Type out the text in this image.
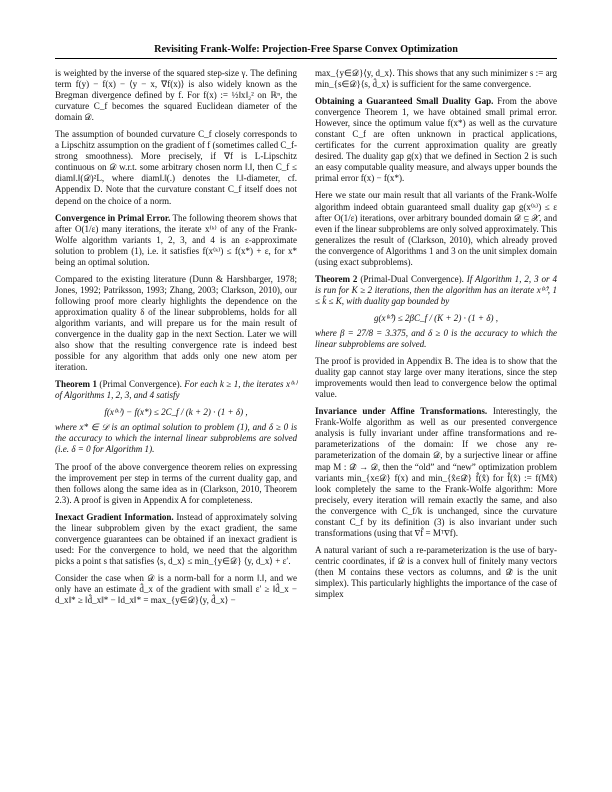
Revisiting Frank-Wolfe: Projection-Free Sparse Convex Optimization

is weighted by the inverse of the squared step-size γ. The defining term f(y) − f(x) − ⟨y − x, ∇f(x)⟩ is also widely known as the Bregman divergence defined by f. For f(x) := ½‖x‖₂² on ℝⁿ, the curvature C_f becomes the squared Euclidean diameter of the domain 𝒟.

The assumption of bounded curvature C_f closely corresponds to a Lipschitz assumption on the gradient of f (sometimes called C_f-strong smoothness). More precisely, if ∇f is L-Lipschitz continuous on 𝒟 w.r.t. some arbitrary chosen norm ‖.‖, then C_f ≤ diam‖.‖(𝒟)²L, where diam‖.‖(.) denotes the ‖.‖-diameter, cf. Appendix D. Note that the curvature constant C_f itself does not depend on the choice of a norm.

Convergence in Primal Error. The following theorem shows that after O(1/ε) many iterations, the iterate x⁽ᵏ⁾ of any of the Frank-Wolfe algorithm variants 1, 2, 3, and 4 is an ε-approximate solution to problem (1), i.e. it satisfies f(x⁽ᵏ⁾) ≤ f(x*) + ε, for x* being an optimal solution.

Compared to the existing literature (Dunn & Harshbarger, 1978; Jones, 1992; Patriksson, 1993; Zhang, 2003; Clarkson, 2010), our following proof more clearly highlights the dependence on the approximation quality δ of the linear subproblems, holds for all algorithm variants, and will prepare us for the main result of convergence in the duality gap in the next Section. Later we will also show that the resulting convergence rate is indeed best possible for any algorithm that adds only one new atom per iteration.

Theorem 1 (Primal Convergence). For each k ≥ 1, the iterates x⁽ᵏ⁾ of Algorithms 1, 2, 3, and 4 satisfy

f(x⁽ᵏ⁾) − f(x*) ≤ 2C_f / (k + 2) · (1 + δ) ,

where x* ∈ 𝒟 is an optimal solution to problem (1), and δ ≥ 0 is the accuracy to which the internal linear subproblems are solved (i.e. δ = 0 for Algorithm 1).

The proof of the above convergence theorem relies on expressing the improvement per step in terms of the current duality gap, and then follows along the same idea as in (Clarkson, 2010, Theorem 2.3). A proof is given in Appendix A for completeness.

Inexact Gradient Information. Instead of approximately solving the linear subproblem given by the exact gradient, the same convergence guarantees can be obtained if an inexact gradient is used: For the convergence to hold, we need that the algorithm picks a point s that satisfies ⟨s, d_x⟩ ≤ min_{y∈𝒟} ⟨y, d_x⟩ + ε′.

Consider the case when 𝒟 is a norm-ball for a norm ‖.‖, and we only have an estimate d̂_x of the gradient with small ε′ ≥ ‖d̂_x − d_x‖* ≥ ‖d̂_x‖* − ‖d_x‖* = max_{y∈𝒟}⟨y, d̂_x⟩ −

max_{y∈𝒟}⟨y, d_x⟩. This shows that any such minimizer s := arg min_{s∈𝒟}⟨s, d̂_x⟩ is sufficient for the same convergence.

Obtaining a Guaranteed Small Duality Gap. From the above convergence Theorem 1, we have obtained small primal error. However, since the optimum value f(x*) as well as the curvature constant C_f are often unknown in practical applications, certificates for the current approximation quality are greatly desired. The duality gap g(x) that we defined in Section 2 is such an easy computable quality measure, and always upper bounds the primal error f(x) − f(x*).

Here we state our main result that all variants of the Frank-Wolfe algorithm indeed obtain guaranteed small duality gap g(x⁽ᵏ⁾) ≤ ε after O(1/ε) iterations, over arbitrary bounded domain 𝒟 ⊆ 𝒳, and even if the linear subproblems are only solved approximately. This generalizes the result of (Clarkson, 2010), which already proved the convergence of Algorithms 1 and 3 on the unit simplex domain (using exact subproblems).

Theorem 2 (Primal-Dual Convergence). If Algorithm 1, 2, 3 or 4 is run for K ≥ 2 iterations, then the algorithm has an iterate x⁽ᵏ̂⁾, 1 ≤ k̂ ≤ K, with duality gap bounded by

g(x⁽ᵏ̂⁾) ≤ 2βC_f / (K + 2) · (1 + δ) ,

where β = 27/8 = 3.375, and δ ≥ 0 is the accuracy to which the linear subproblems are solved.

The proof is provided in Appendix B. The idea is to show that the duality gap cannot stay large over many iterations, since the step improvements would then lead to convergence below the optimal value.

Invariance under Affine Transformations. Interestingly, the Frank-Wolfe algorithm as well as our presented convergence analysis is fully invariant under affine transformations and re-parameterizations of the domain: If we chose any re-parameterization of the domain 𝒟, by a surjective linear or affine map M : 𝒟̂ → 𝒟, then the “old” and “new” optimization problem variants min_{x∈𝒟} f(x) and min_{x̂∈𝒟̂} f̂(x̂) for f̂(x̂) := f(Mx̂) look completely the same to the Frank-Wolfe algorithm: More precisely, every iteration will remain exactly the same, and also the convergence with C_f/k is unchanged, since the curvature constant C_f by its definition (3) is also invariant under such transformations (using that ∇f̂ = Mᵀ∇f).

A natural variant of such a re-parameterization is the use of bary-centric coordinates, if 𝒟 is a convex hull of finitely many vectors (then M contains these vectors as columns, and 𝒟̂ is the unit simplex). This particularly highlights the importance of the case of simplex
